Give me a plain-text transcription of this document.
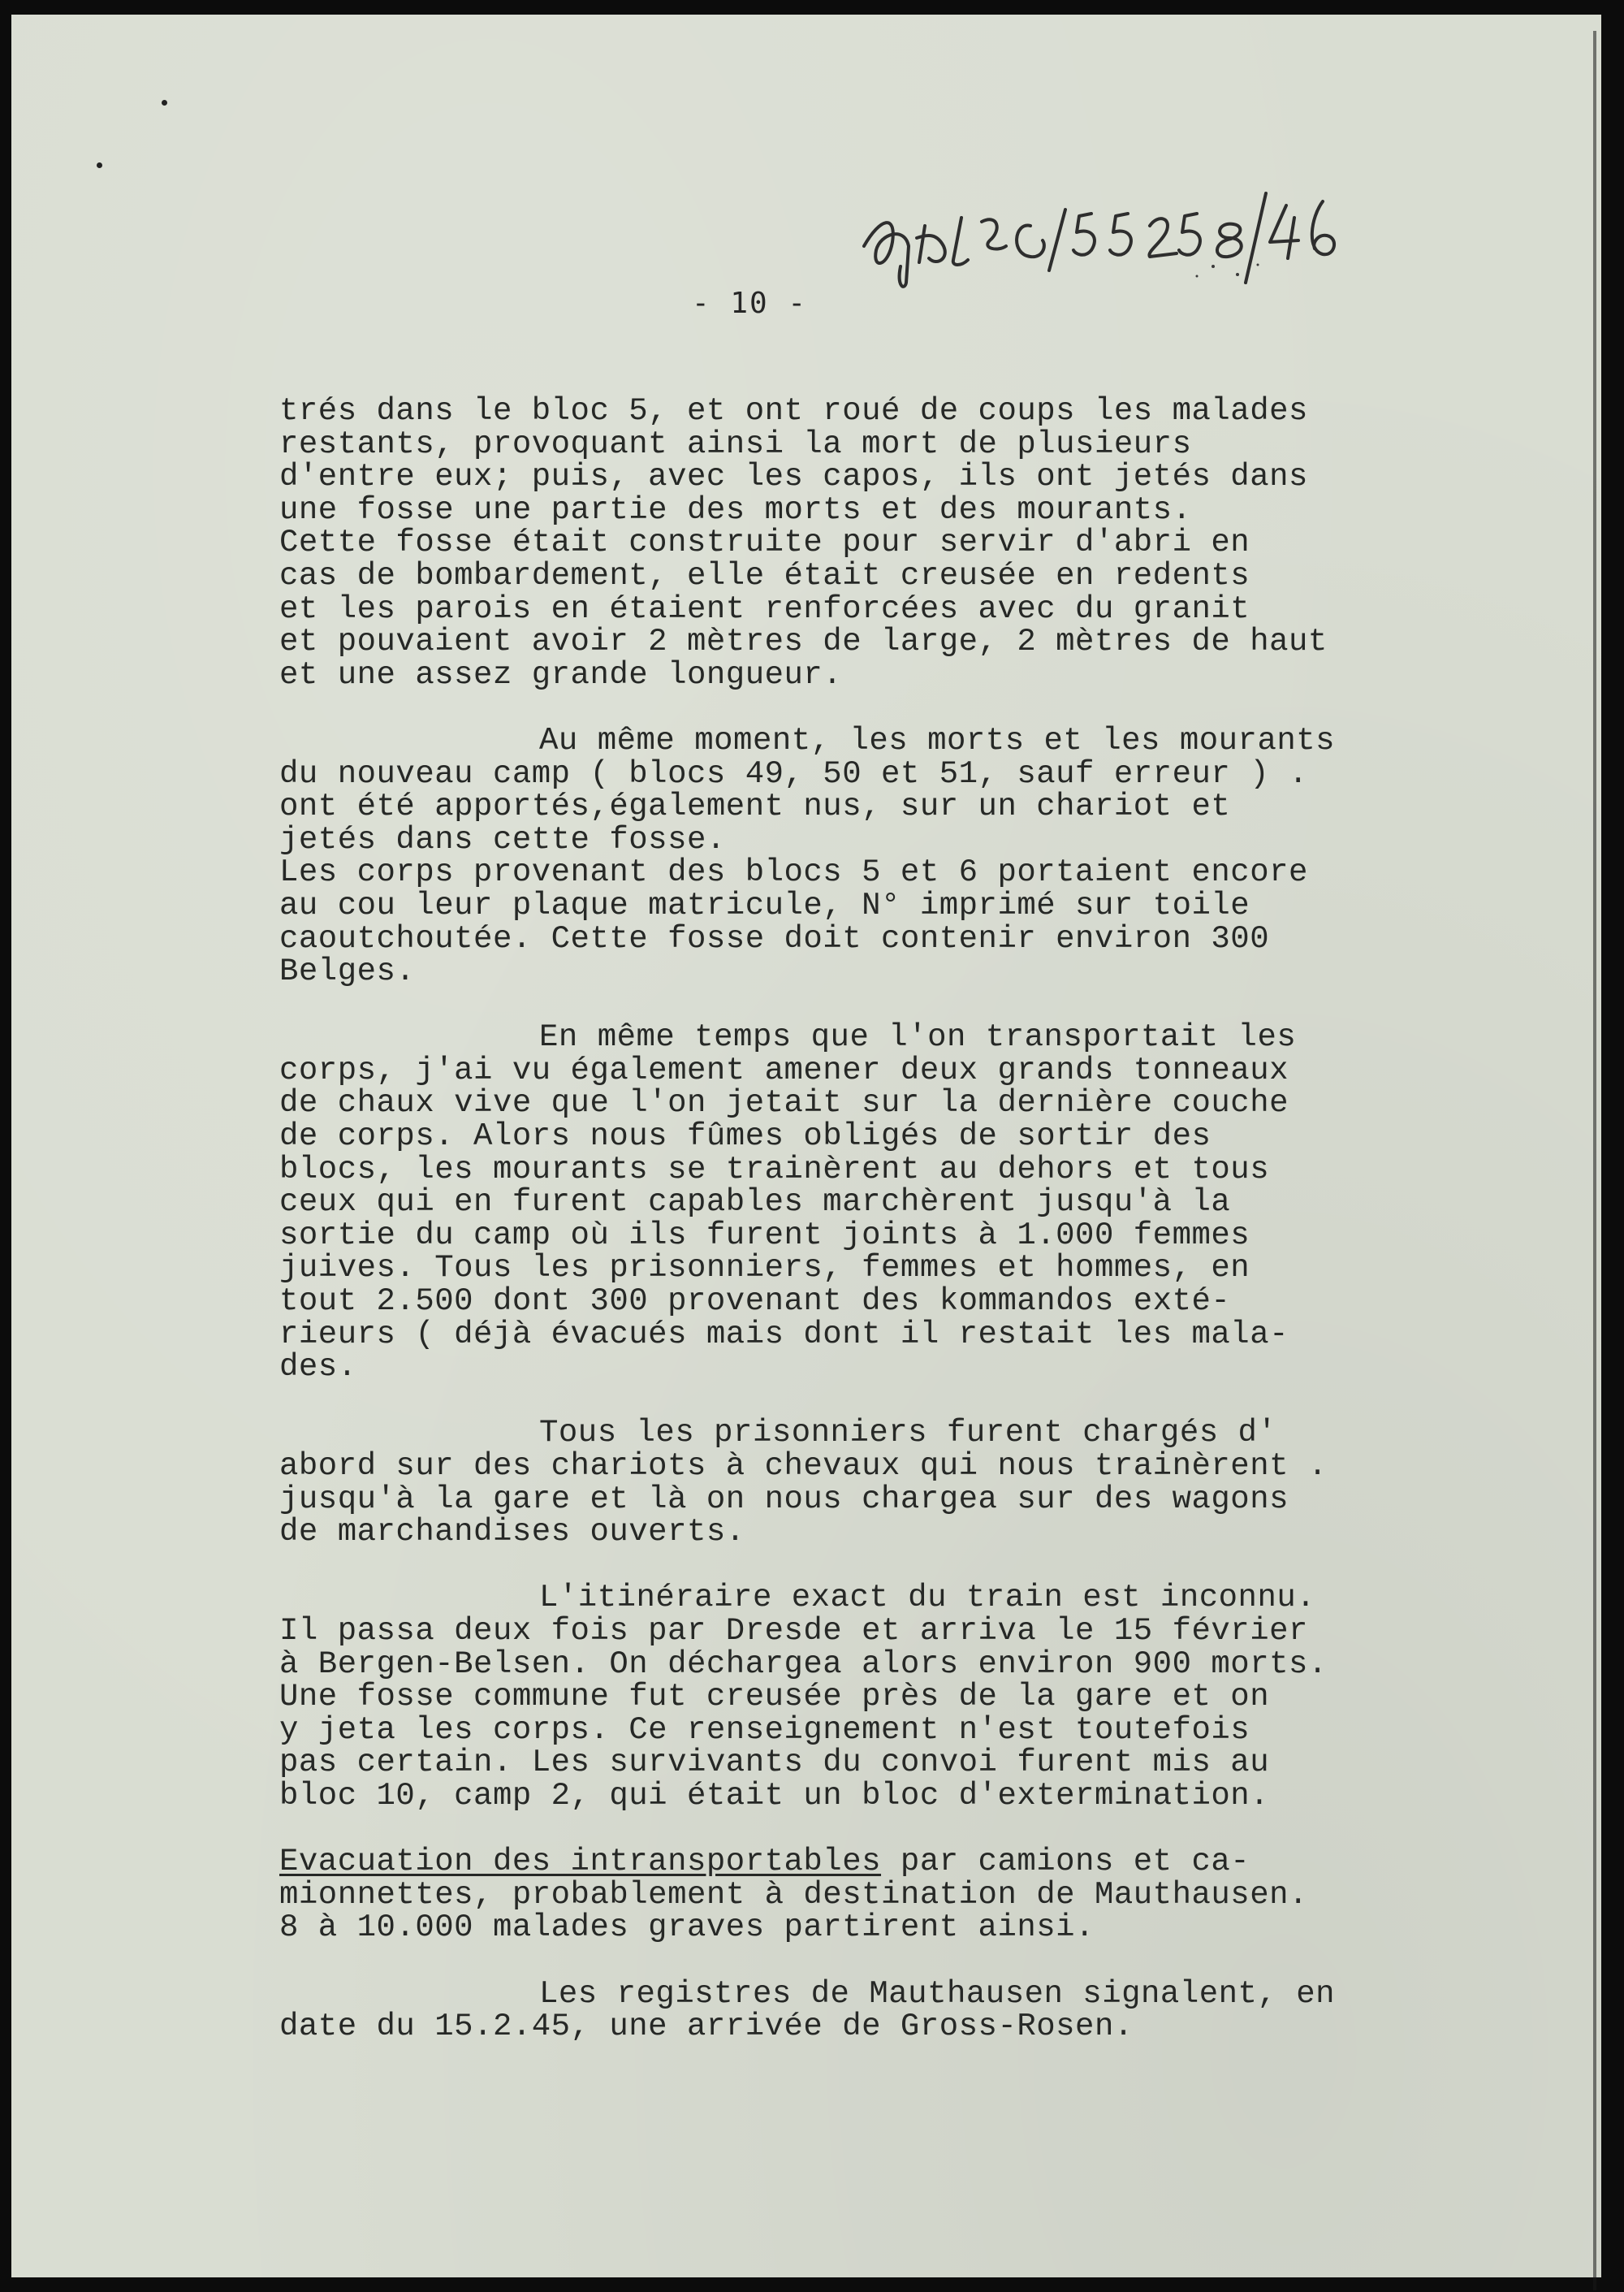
- 10 -
trés dans le bloc 5, et ont roué de coups les malades
restants, provoquant ainsi la mort de plusieurs
d'entre eux; puis, avec les capos, ils ont jetés dans
une fosse une partie des morts et des mourants.
Cette fosse était construite pour servir d'abri en
cas de bombardement, elle était creusée en redents
et les parois en étaient renforcées avec du granit
et pouvaient avoir 2 mètres de large, 2 mètres de haut
et une assez grande longueur.
Au même moment, les morts et les mourants
du nouveau camp ( blocs 49, 50 et 51, sauf erreur ) .
ont été apportés,également nus, sur un chariot et
jetés dans cette fosse.
Les corps provenant des blocs 5 et 6 portaient encore
au cou leur plaque matricule, N° imprimé sur toile
caoutchoutée. Cette fosse doit contenir environ 300
Belges.
En même temps que l'on transportait les
corps, j'ai vu également amener deux grands tonneaux
de chaux vive que l'on jetait sur la dernière couche
de corps. Alors nous fûmes obligés de sortir des
blocs, les mourants se trainèrent au dehors et tous
ceux qui en furent capables marchèrent jusqu'à la
sortie du camp où ils furent joints à 1.000 femmes
juives. Tous les prisonniers, femmes et hommes, en
tout 2.500 dont 300 provenant des kommandos exté-
rieurs ( déjà évacués mais dont il restait les mala-
des.
Tous les prisonniers furent chargés d'
abord sur des chariots à chevaux qui nous trainèrent .
jusqu'à la gare et là on nous chargea sur des wagons
de marchandises ouverts.
L'itinéraire exact du train est inconnu.
Il passa deux fois par Dresde et arriva le 15 février
à Bergen-Belsen. On déchargea alors environ 900 morts.
Une fosse commune fut creusée près de la gare et on
y jeta les corps. Ce renseignement n'est toutefois
pas certain. Les survivants du convoi furent mis au
bloc 10, camp 2, qui était un bloc d'extermination.
Evacuation des intransportables par camions et ca-
mionnettes, probablement à destination de Mauthausen.
8 à 10.000 malades graves partirent ainsi.
Les registres de Mauthausen signalent, en
date du 15.2.45, une arrivée de Gross-Rosen.
